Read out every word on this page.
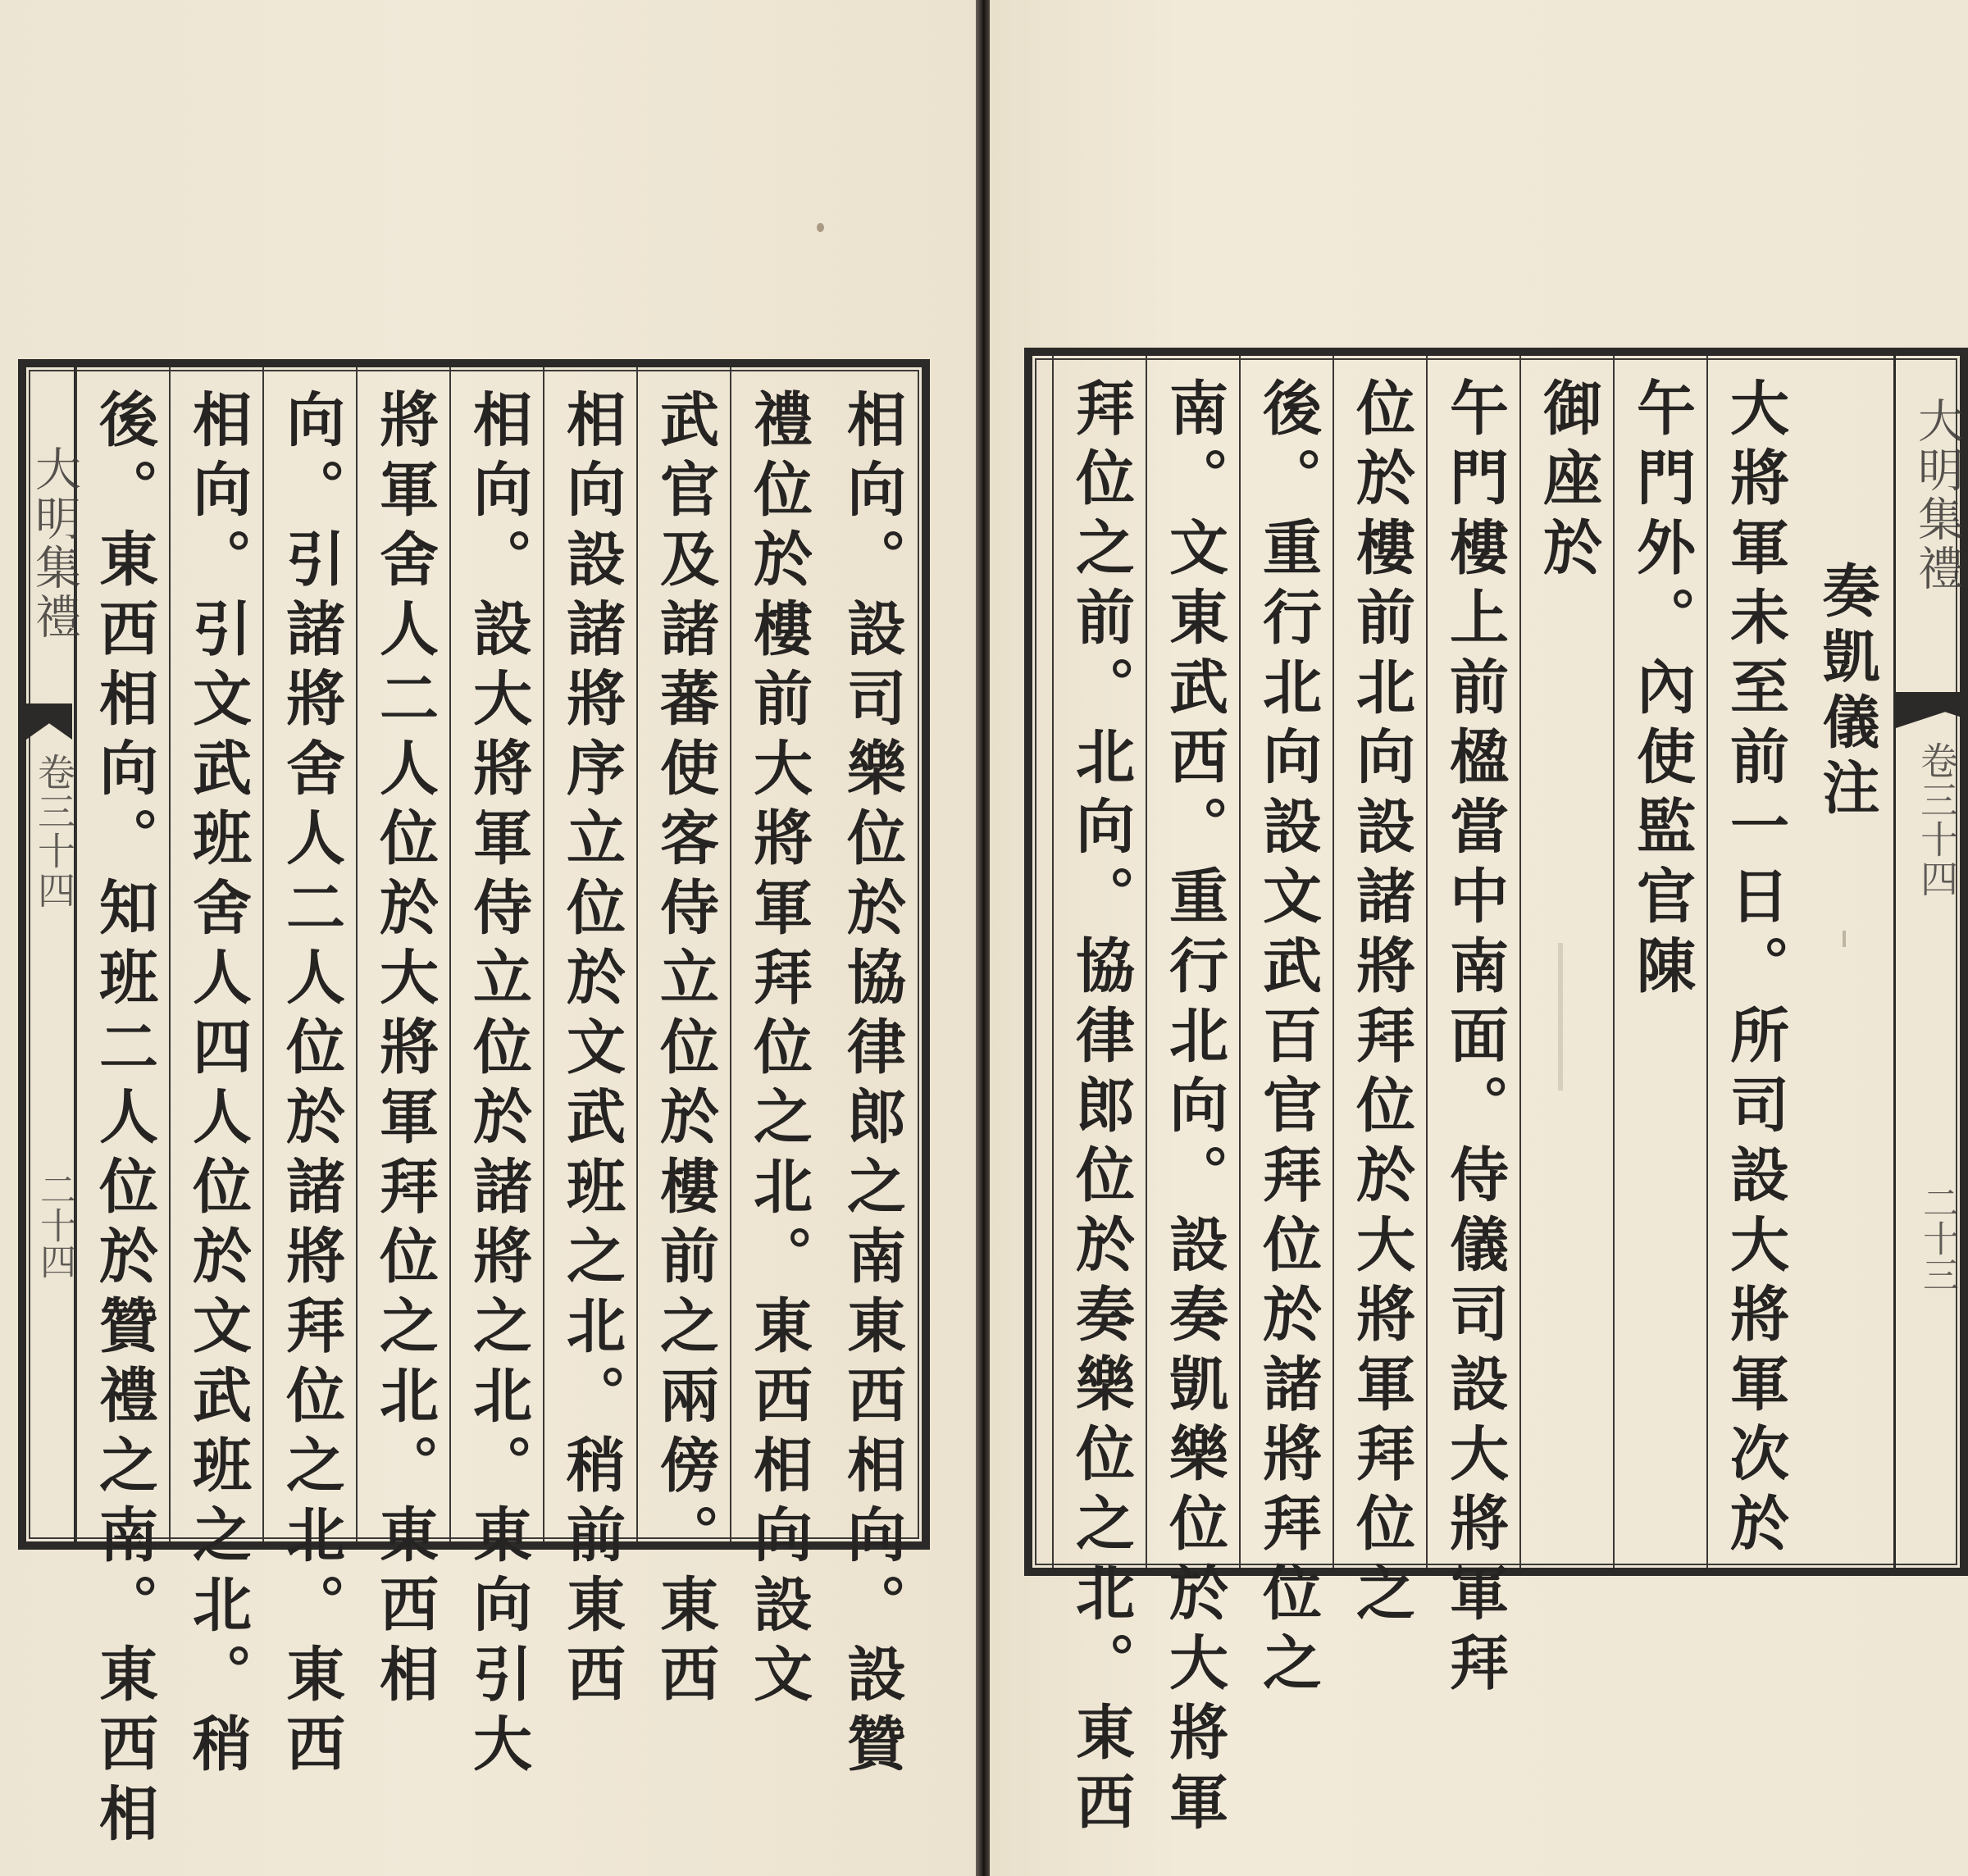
大明集禮
卷三十四
二十四	相向。設司樂位於協律郎之南東西相向。設贊
禮位於樓前大將軍拜位之北。東西相向設文
武官及諸蕃使客侍立位於樓前之兩傍。東西
相向設諸將序立位於文武班之北。稍前東西
相向。設大將軍侍立位於諸將之北。東向引大
將軍舍人二人位於大將軍拜位之北。東西相
向。引諸將舍人二人位於諸將拜位之北。東西
相向。引文武班舍人四人位於文武班之北。稍
後。東西相向。知班二人位於贊禮之南。東西相	大明集禮
卷三十四
二十三
奏凱儀注
大將軍未至前一日。所司設大將軍次於
午門外。內使監官陳
御座於
午門樓上前楹當中南面。侍儀司設大將軍拜
位於樓前北向設諸將拜位於大將軍拜位之
後。重行北向設文武百官拜位於諸將拜位之
南。文東武西。重行北向。設奏凱樂位於大將軍
拜位之前。北向。協律郎位於奏樂位之北。東西
